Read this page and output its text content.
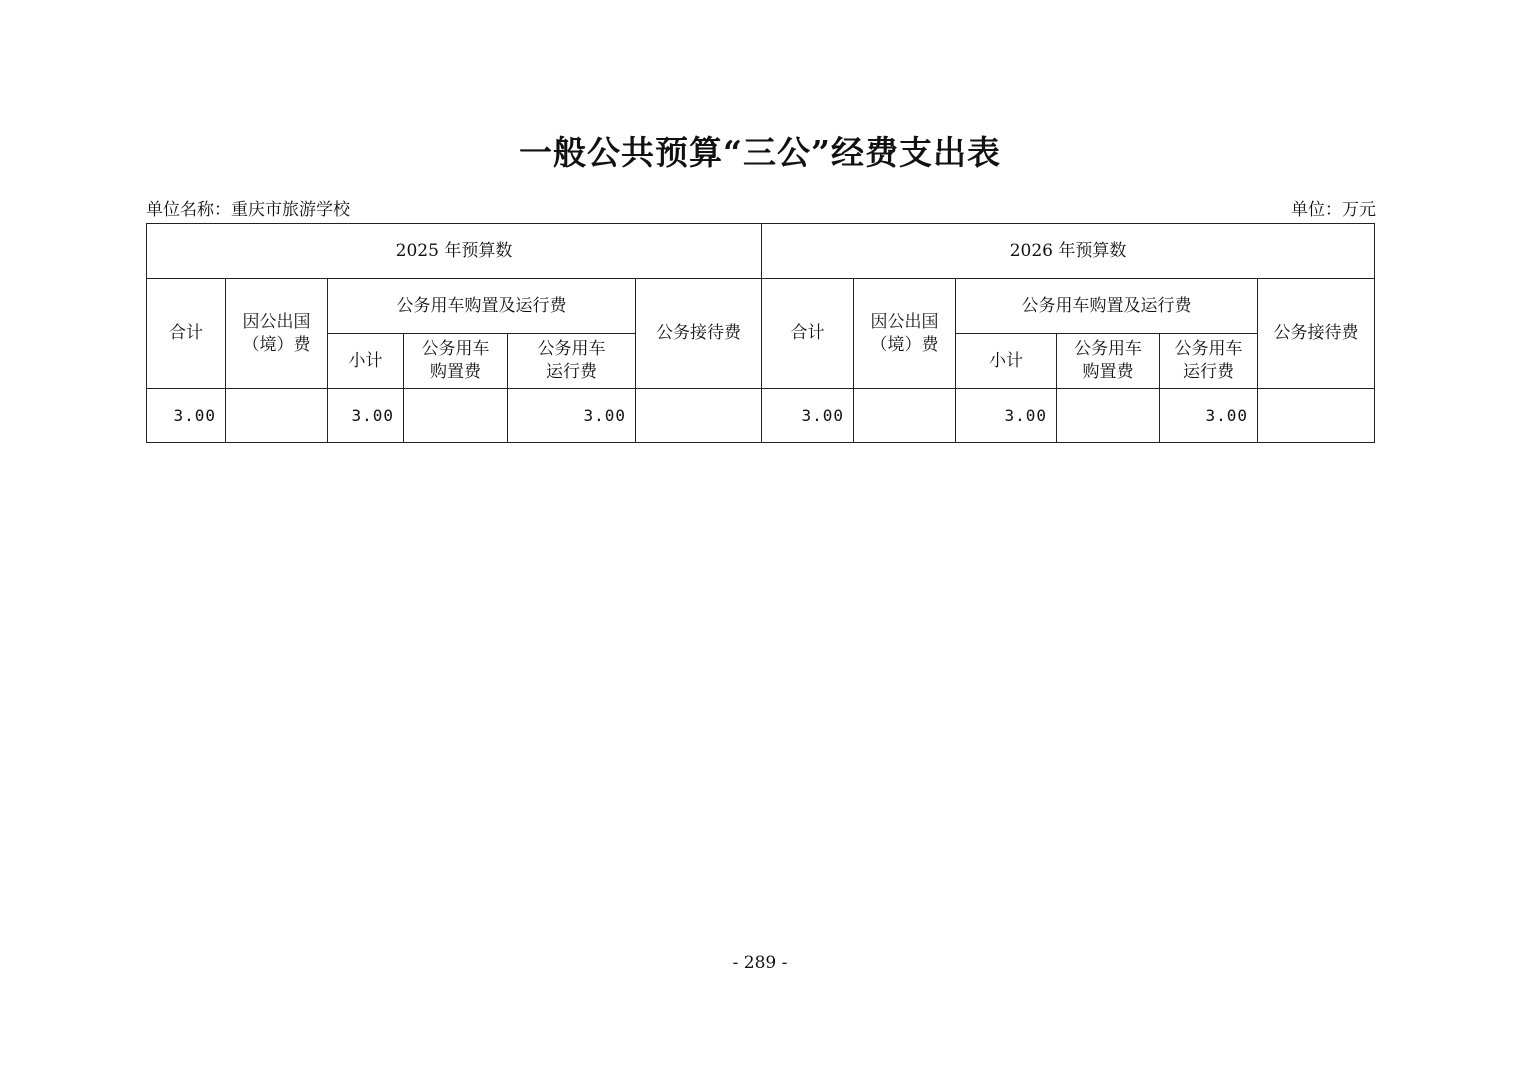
一般公共预算“三公”经费支出表
单位名称：重庆市旅游学校	单位：万元
2025 年预算数						2026 年预算数					
合计	因公出国（境）费	公务用车购置及运行费			公务接待费	合计	因公出国（境）费	公务用车购置及运行费			公务接待费
		小计	公务用车购置费	公务用车运行费				小计	公务用车购置费	公务用车运行费	

3.00		3.00		3.00		3.00		3.00		3.00	
- 289 -
